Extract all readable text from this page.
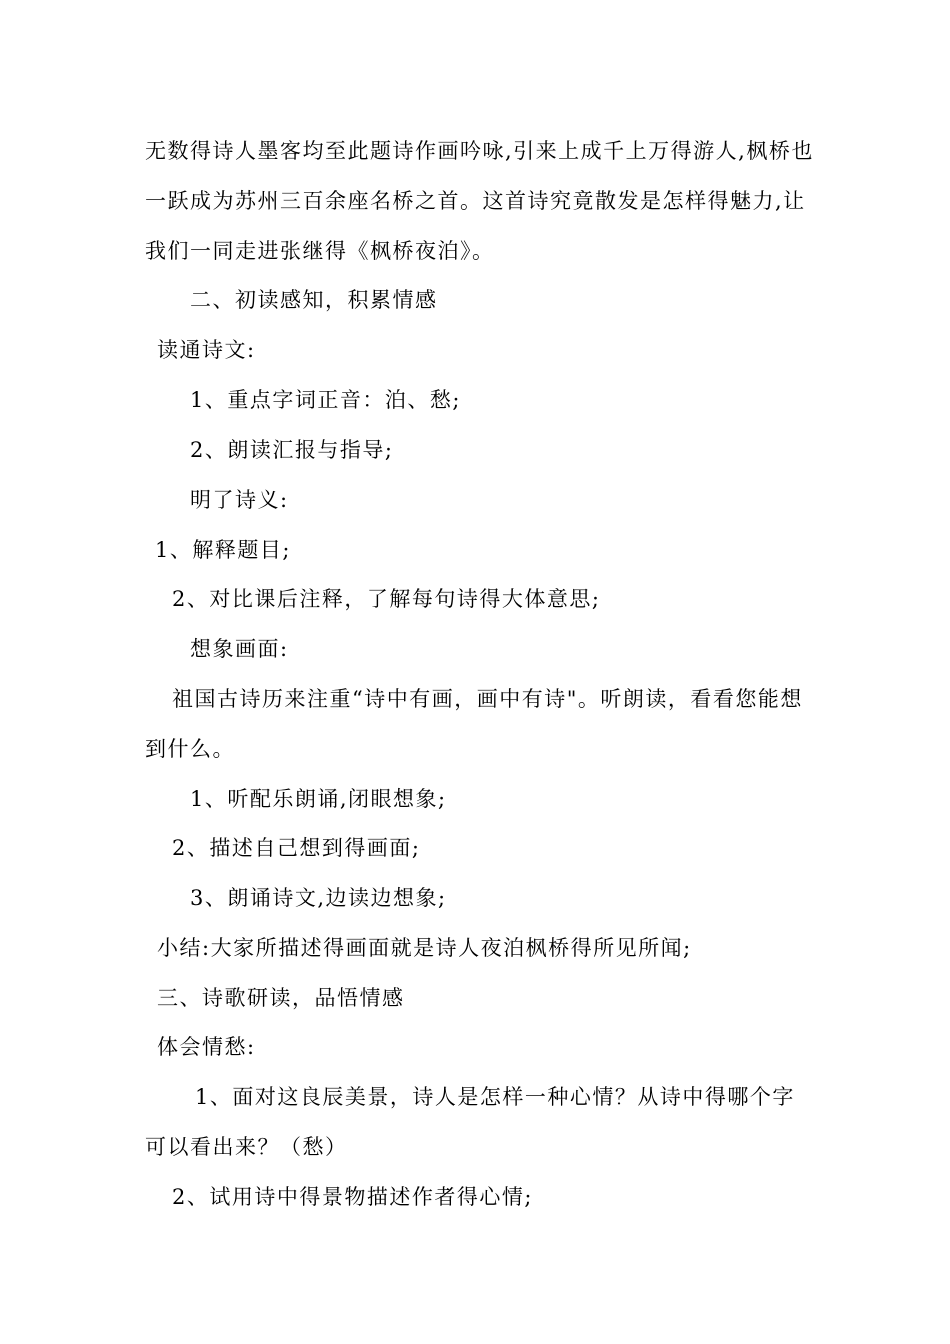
无数得诗人墨客均至此题诗作画吟咏,引来上成千上万得游人,枫桥也
一跃成为苏州三百余座名桥之首。这首诗究竟散发是怎样得魅力,让
我们一同走进张继得《枫桥夜泊》。
二、初读感知，积累情感
读通诗文:
1、重点字词正音：泊、愁;
2、朗读汇报与指导;
明了诗义:
1、解释题目;
2、对比课后注释，了解每句诗得大体意思;
想象画面:
祖国古诗历来注重“诗中有画，画中有诗"。听朗读，看看您能想
到什么。
1、听配乐朗诵,闭眼想象;
2、描述自己想到得画面;
3、朗诵诗文,边读边想象;
小结:大家所描述得画面就是诗人夜泊枫桥得所见所闻;
三、诗歌研读，品悟情感
体会情愁:
1、面对这良辰美景，诗人是怎样一种心情？从诗中得哪个字
可以看出来？（愁）
2、试用诗中得景物描述作者得心情;
